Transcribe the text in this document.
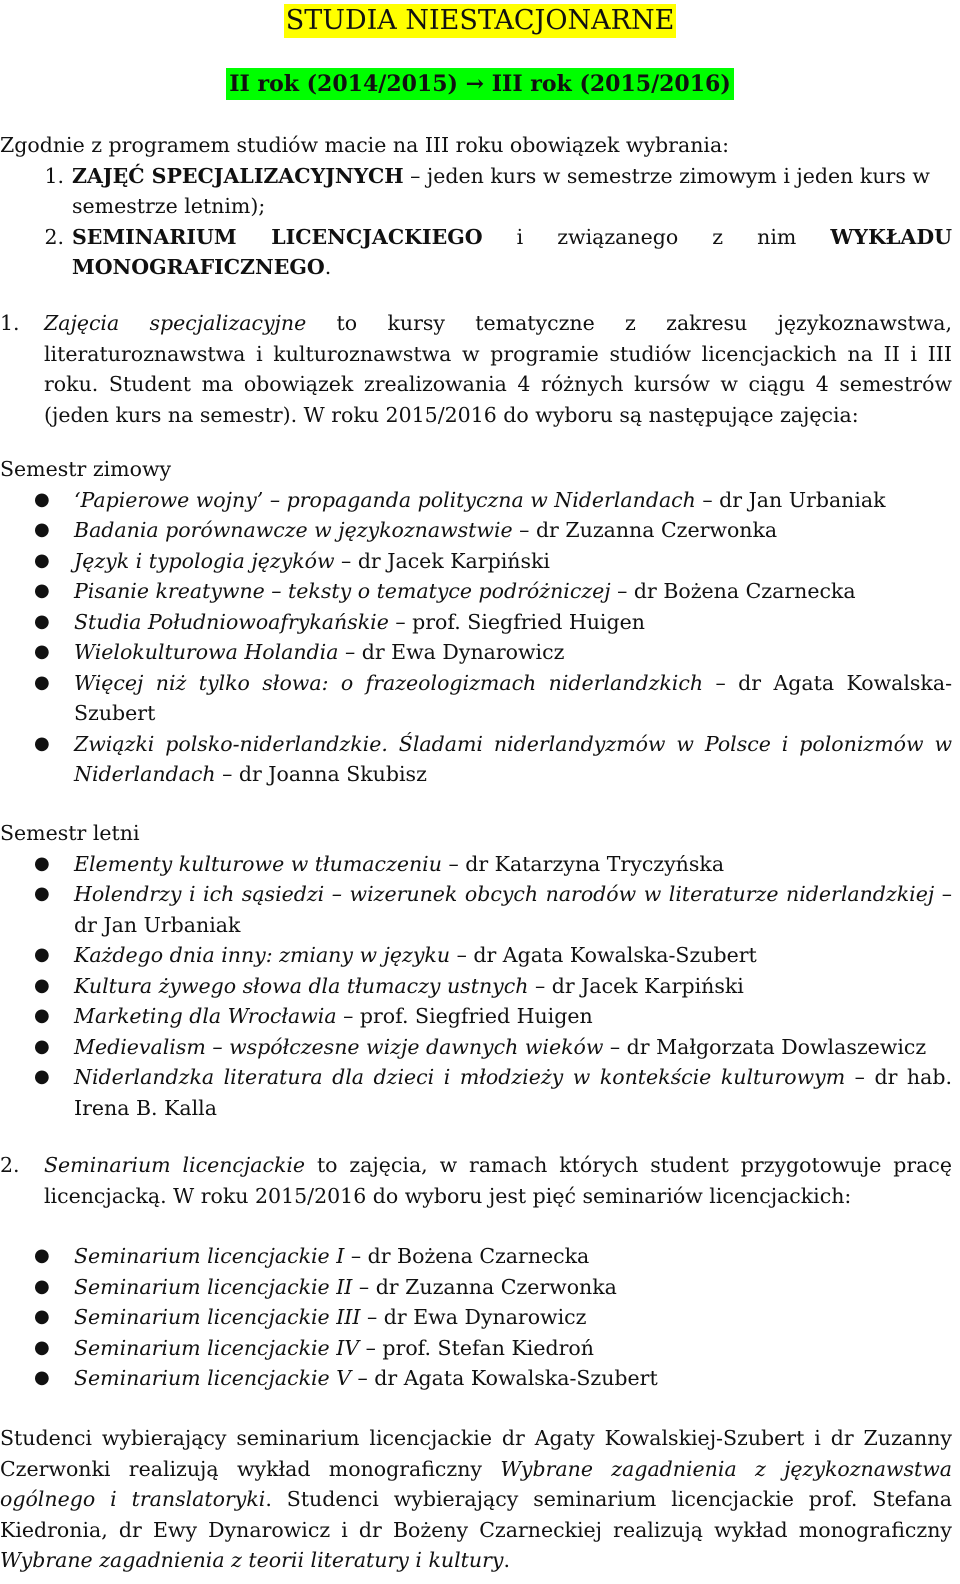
STUDIA NIESTACJONARNE
II rok (2014/2015) → III rok (2015/2016)

Zgodnie z programem studiów macie na III roku obowiązek wybrania:

1. ZAJĘĆ SPECJALIZACYJNYCH – jeden kurs w semestrze zimowym i jeden kurs w semestrze letnim);
2. SEMINARIUM LICENCJACKIEGO i związanego z nim WYKŁADU MONOGRAFICZNEGO.
1.	Zajęcia specjalizacyjne to kursy tematyczne z zakresu językoznawstwa, literaturoznawstwa i kulturoznawstwa w programie studiów licencjackich na II i III roku. Student ma obowiązek zrealizowania 4 różnych kursów w ciągu 4 semestrów (jeden kurs na semestr). W roku 2015/2016 do wyboru są następujące zajęcia:

Semestr zimowy

●	‘Papierowe wojny’ – propaganda polityczna w Niderlandach – dr Jan Urbaniak
●	Badania porównawcze w językoznawstwie – dr Zuzanna Czerwonka
●	Język i typologia języków – dr Jacek Karpiński
●	Pisanie kreatywne – teksty o tematyce podróżniczej – dr Bożena Czarnecka
●	Studia Południowoafrykańskie – prof. Siegfried Huigen
●	Wielokulturowa Holandia – dr Ewa Dynarowicz
●	Więcej niż tylko słowa: o frazeologizmach niderlandzkich – dr Agata Kowalska-Szubert
●	Związki polsko-niderlandzkie. Śladami niderlandyzmów w Polsce i polonizmów w Niderlandach – dr Joanna Skubisz

Semestr letni

●	Elementy kulturowe w tłumaczeniu – dr Katarzyna Tryczyńska
●	Holendrzy i ich sąsiedzi – wizerunek obcych narodów w literaturze niderlandzkiej – dr Jan Urbaniak
●	Każdego dnia inny: zmiany w języku – dr Agata Kowalska-Szubert
●	Kultura żywego słowa dla tłumaczy ustnych – dr Jacek Karpiński
●	Marketing dla Wrocławia – prof. Siegfried Huigen
●	Medievalism – współczesne wizje dawnych wieków – dr Małgorzata Dowlaszewicz
●	Niderlandzka literatura dla dzieci i młodzieży w kontekście kulturowym – dr hab. Irena B. Kalla
2.	Seminarium licencjackie to zajęcia, w ramach których student przygotowuje pracę licencjacką. W roku 2015/2016 do wyboru jest pięć seminariów licencjackich:
●	Seminarium licencjackie I – dr Bożena Czarnecka
●	Seminarium licencjackie II – dr Zuzanna Czerwonka
●	Seminarium licencjackie III – dr Ewa Dynarowicz
●	Seminarium licencjackie IV – prof. Stefan Kiedroń
●	Seminarium licencjackie V – dr Agata Kowalska-Szubert

Studenci wybierający seminarium licencjackie dr Agaty Kowalskiej-Szubert i dr Zuzanny Czerwonki realizują wykład monograficzny Wybrane zagadnienia z językoznawstwa ogólnego i translatoryki. Studenci wybierający seminarium licencjackie prof. Stefana Kiedronia, dr Ewy Dynarowicz i dr Bożeny Czarneckiej realizują wykład monograficzny Wybrane zagadnienia z teorii literatury i kultury.
